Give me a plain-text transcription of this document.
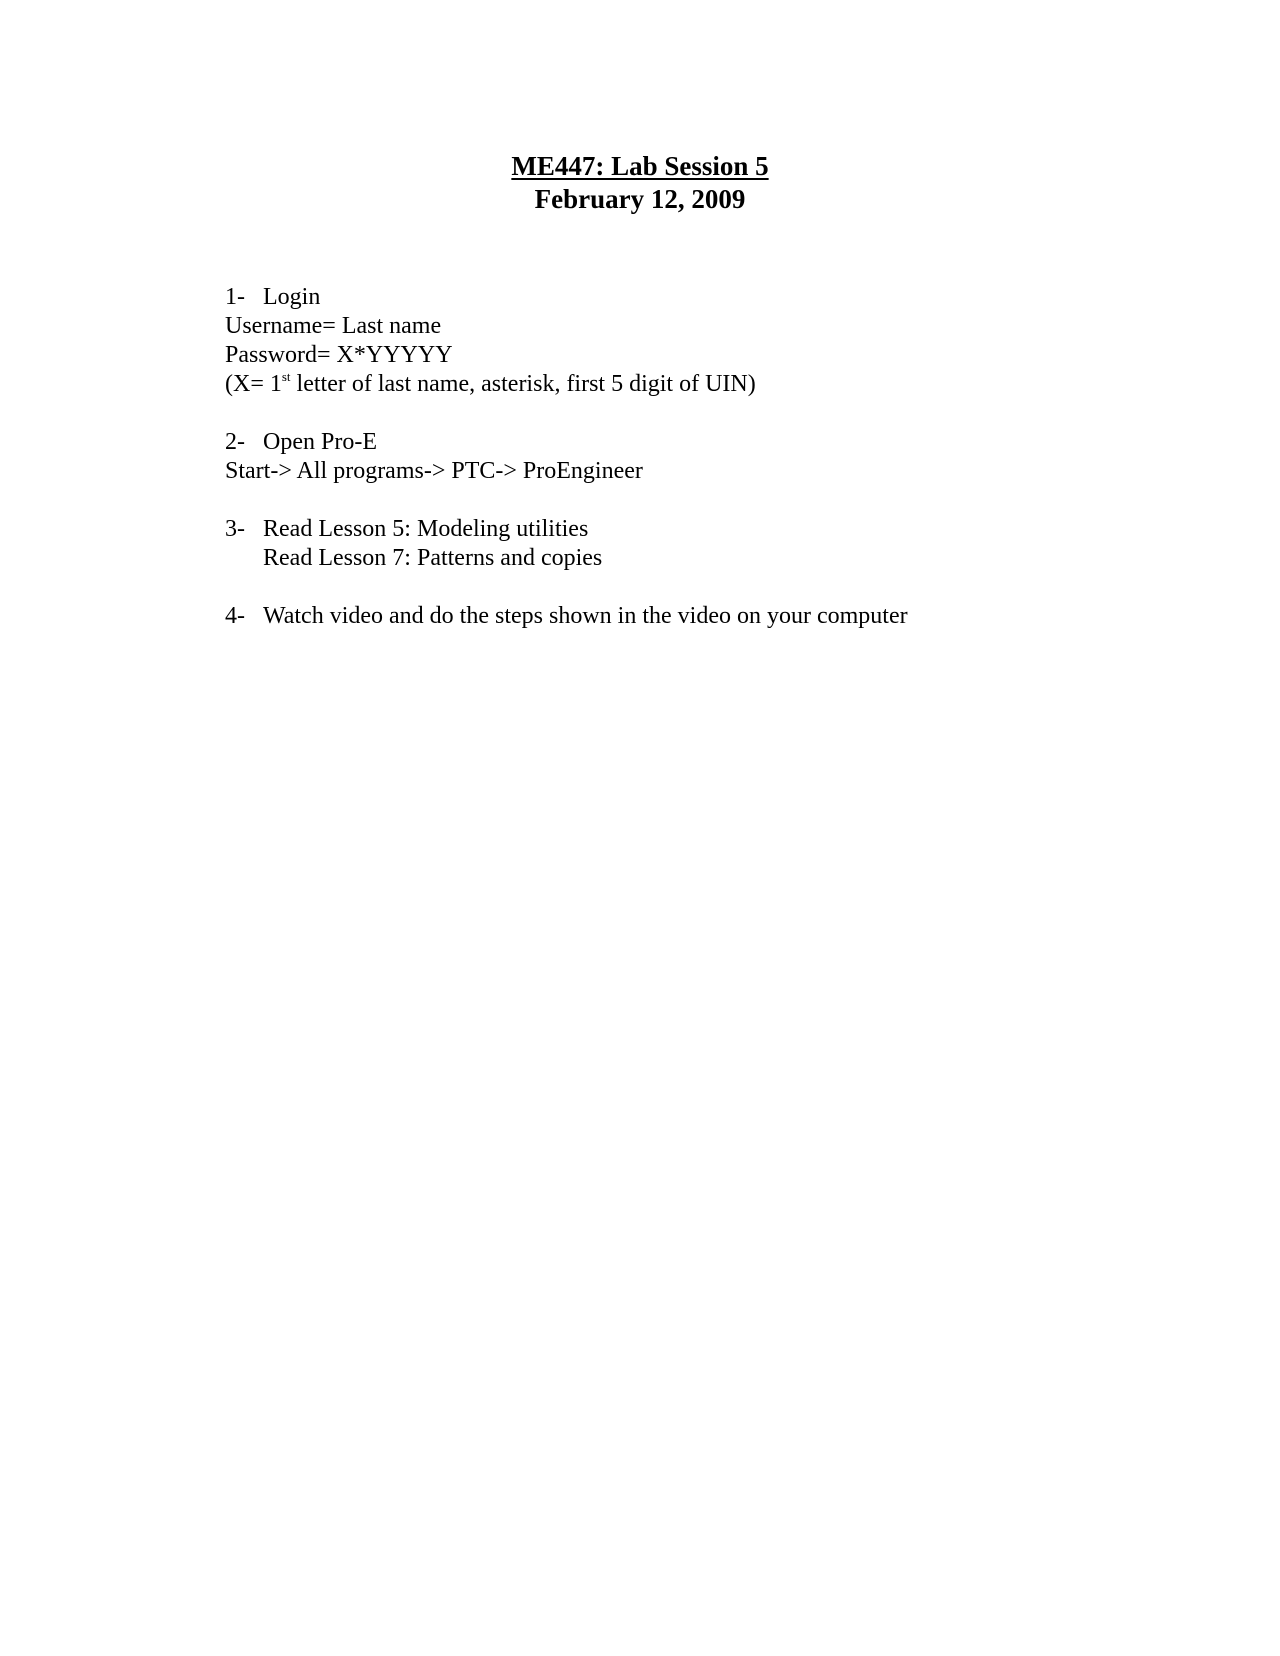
ME447: Lab Session 5
February 12, 2009
1- Login
Username= Last name
Password= X*YYYYY
(X= 1st letter of last name, asterisk, first 5 digit of UIN)
2- Open Pro-E
Start-> All programs-> PTC-> ProEngineer
3- Read Lesson 5: Modeling utilities
Read Lesson 7: Patterns and copies
4- Watch video and do the steps shown in the video on your computer
